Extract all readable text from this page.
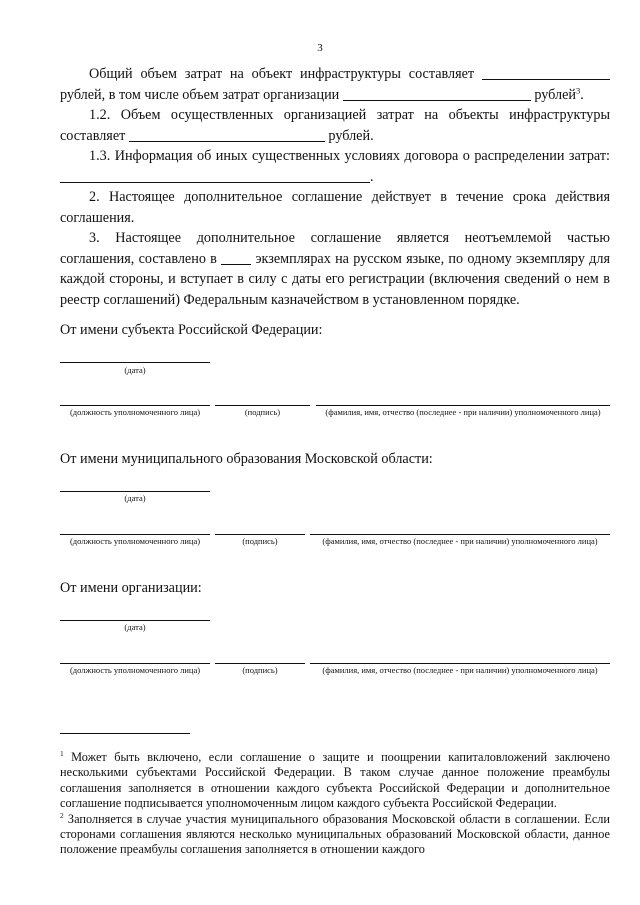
3
Общий объем затрат на объект инфраструктуры составляет  рублей, в том числе объем затрат организации	рублей$^3$.
1.2. Объем осуществленных организацией затрат на объекты инфраструктуры составляет	рублей.
1.3. Информация об иных существенных условиях договора о распределении затрат: .
2. Настоящее дополнительное соглашение действует в течение срока действия соглашения.
3. Настоящее дополнительное соглашение является неотъемлемой частью соглашения, составлено в	экземплярах на русском языке, по одному экземпляру для каждой стороны, и вступает в силу с даты его регистрации (включения сведений о нем в реестр соглашений) Федеральным казначейством в установленном порядке.
От имени субъекта Российской Федерации:
(дата)
(должность уполномоченного лица)	(подпись)	(фамилия, имя, отчество (последнее - при наличии) уполномоченного лица)
От имени муниципального образования Московской области:
(дата)
(должность уполномоченного лица)	(подпись)	(фамилия, имя, отчество (последнее - при наличии) уполномоченного лица)
От имени организации:
(дата)
(должность уполномоченного лица)	(подпись)	(фамилия, имя, отчество (последнее - при наличии) уполномоченного лица)
$^1$ Может быть включено, если соглашение о защите и поощрении капиталовложений заключено несколькими субъектами Российской Федерации. В таком случае данное положение преамбулы соглашения заполняется в отношении каждого субъекта Российской Федерации и дополнительное соглашение подписывается уполномоченным лицом каждого субъекта Российской Федерации.
$^2$ Заполняется в случае участия муниципального образования Московской области в соглашении. Если сторонами соглашения являются несколько муниципальных образований Московской области, данное положение преамбулы соглашения заполняется в отношении каждого
